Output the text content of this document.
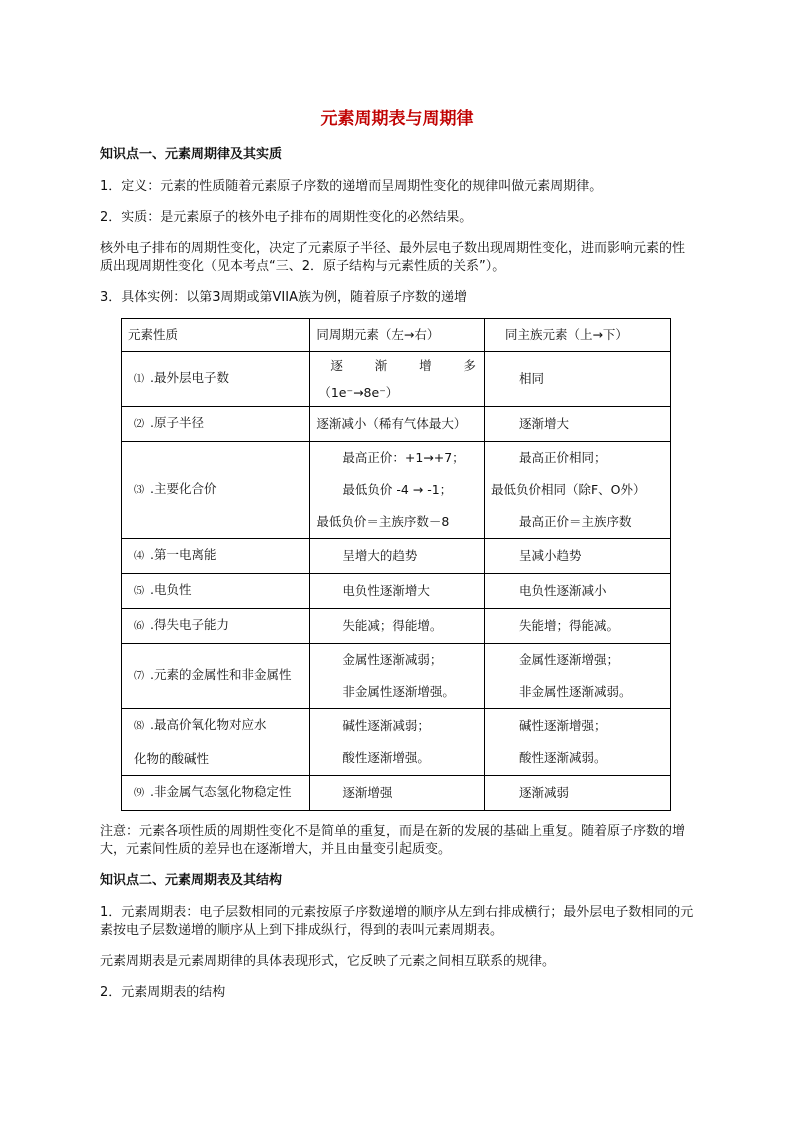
元素周期表与周期律
知识点一、元素周期律及其实质
1．定义：元素的性质随着元素原子序数的递增而呈周期性变化的规律叫做元素周期律。
2．实质：是元素原子的核外电子排布的周期性变化的必然结果。
核外电子排布的周期性变化，决定了元素原子半径、最外层电子数出现周期性变化，进而影响元素的性质出现周期性变化（见本考点“三、2．原子结构与元素性质的关系”）。
3．具体实例：以第3周期或第VIIA族为例，随着原子序数的递增
元素性质	同周期元素（左→右）	同主族元素（上→下）

⑴ .最外层电子数	逐 渐 增 多
（1e⁻→8e⁻）	相同

⑵ .原子半径	逐渐减小（稀有气体最大）	逐渐增大

⑶ .主要化合价	最高正价：+1→+7；
最低负价 -4 → -1；
最低负价＝主族序数－8	最高正价相同；
最低负价相同（除F、O外）
最高正价＝主族序数

⑷ .第一电离能	呈增大的趋势	呈减小趋势

⑸ .电负性	电负性逐渐增大	电负性逐渐减小

⑹ .得失电子能力	失能减；得能增。	失能增；得能减。

⑺ .元素的金属性和非金属性	金属性逐渐减弱；
非金属性逐渐增强。	金属性逐渐增强；
非金属性逐渐减弱。

⑻ .最高价氧化物对应水
化物的酸碱性	碱性逐渐减弱；
酸性逐渐增强。	碱性逐渐增强；
酸性逐渐减弱。

⑼ .非金属气态氢化物稳定性	逐渐增强	逐渐减弱
注意：元素各项性质的周期性变化不是简单的重复，而是在新的发展的基础上重复。随着原子序数的增大，元素间性质的差异也在逐渐增大，并且由量变引起质变。
知识点二、元素周期表及其结构
1．元素周期表：电子层数相同的元素按原子序数递增的顺序从左到右排成横行；最外层电子数相同的元素按电子层数递增的顺序从上到下排成纵行，得到的表叫元素周期表。
元素周期表是元素周期律的具体表现形式，它反映了元素之间相互联系的规律。
2．元素周期表的结构
